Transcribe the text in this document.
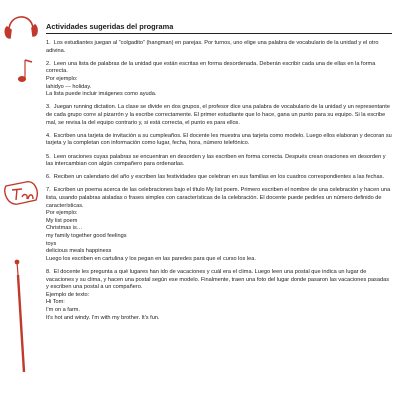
Actividades sugeridas del programa

1. Los estudiantes juegan al “colgadito” (hangman) en parejas. Por turnos, uno elige una palabra de vocabulario de la unidad y el otro adivina.

2. Leen una lista de palabras de la unidad que están escritas en forma desordenada. Deberán escribir cada una de ellas en la forma correcta.

Por ejemplo:
lahidyo --- holiday.
La lista puede incluir imágenes como ayuda.

3. Juegan running dictation. La clase se divide en dos grupos, el profesor dice una palabra de vocabulario de la unidad y un representante de cada grupo corre al pizarrón y la escribe correctamente. El primer estudiante que lo hace, gana un punto para su equipo. Si la escribe mal, se revisa la del equipo contrario y, si está correcta, el punto es para ellos.

4. Escriben una tarjeta de invitación a su cumpleaños. El docente les muestra una tarjeta como modelo. Luego ellos elaboran y decoran su tarjeta y la completan con información como lugar, fecha, hora, número telefónico.

5. Leen oraciones cuyas palabras se encuentran en desorden y las escriben en forma correcta. Después crean oraciones en desorden y las intercambian con algún compañero para ordenarlas.

6. Reciben un calendario del año y escriben las festividades que celebran en sus familias en los cuadros correspondientes a las fechas.

7. Escriben un poema acerca de las celebraciones bajo el título My list poem. Primero escriben el nombre de una celebración y hacen una lista, usando palabras aisladas o frases simples con características de la celebración. El docente puede pedirles un número definido de características.

Por ejemplo:
My list poem
Christmas is…
my family together good feelings
toys
delicious meals happiness
Luego los escriben en cartulina y los pegan en las paredes para que el curso los lea.

8. El docente les pregunta a qué lugares han ido de vacaciones y cuál era el clima. Luego leen una postal que indica un lugar de vacaciones y su clima, y hacen una postal según ese modelo. Finalmente, traen una foto del lugar donde pasaron las vacaciones pasadas y escriben una postal a un compañero.

Ejemplo de texto:
Hi Tom:
I'm on a farm.
It's hot and windy. I'm with my brother. It's fun.
